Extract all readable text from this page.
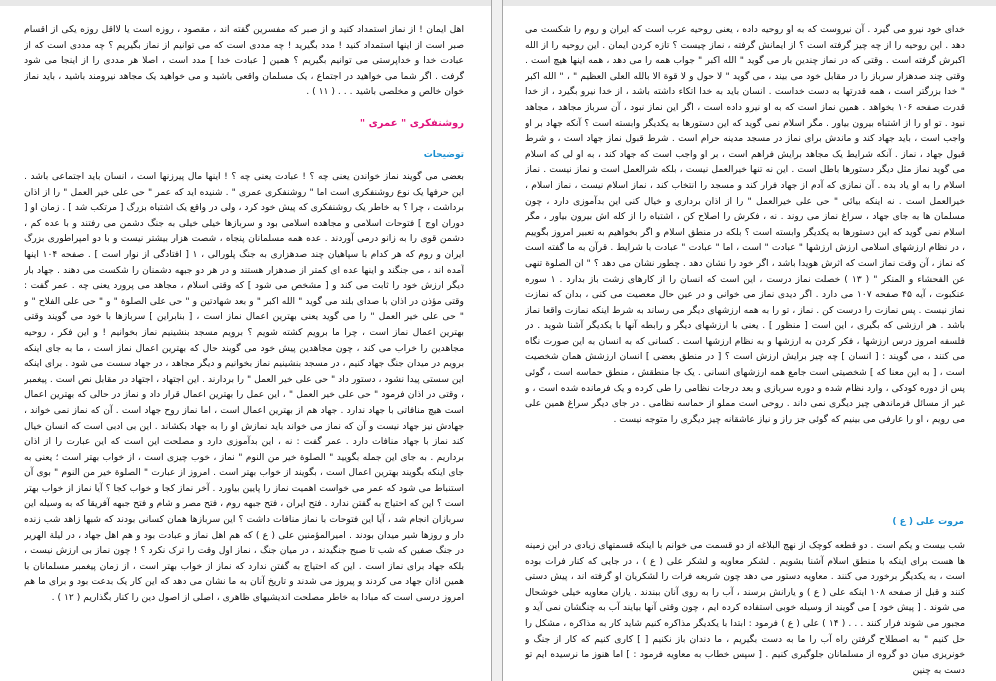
اهل ایمان ! از نماز استمداد کنید و از صبر که مفسرین گفته اند ، مقصود ، روزه است یا لااقل روزه یکی از اقسام صبر است از اینها استمداد کنید ! مدد بگیرید ! چه مددی است که می توانیم از نماز بگیریم ؟ چه مددی است که از عبادت خدا و خداپرستی می توانیم بگیریم ؟ همین [ عبادت خدا ] مدد است ، اصلا هر مددی را از اینجا می شود گرفت . اگر شما می خواهید در اجتماع ، یک مسلمان واقعی باشید و می خواهید یک مجاهد نیرومند باشید ، باید نماز خوان خالص و مخلصی باشید . . . ( ۱۱ ) .
روشنفکری " عمری "
توضیحات
بعضی می گویند نماز خواندن یعنی چه ؟ ! عبادت یعنی چه ؟ ! اینها مال پیرزنها است ، انسان باید اجتماعی باشد . این حرفها یک نوع روشنفکری است اما " روشنفکری عمری " . شنیده اید که عمر " حی علی خیر العمل " را از اذان برداشت ، چرا ؟ به خاطر یک روشنفکری که پیش خود کرد ، ولی در واقع یک اشتباه بزرگ [ مرتکب شد ] . زمان او [ دوران اوج ] فتوحات اسلامی و مجاهده اسلامی بود و سربازها خیلی خیلی به جنگ دشمن می رفتند و با عده کم ، دشمن قوی را به زانو درمی آوردند . عده همه مسلمانان پنجاه ، شصت هزار بیشتر نیست و با دو امپراطوری بزرگ ایران و روم که هر کدام با سپاهیان چند صدهزاری به جنگ پلورالی ، ۱ [ افتادگی از نوار است ] . صفحه ۱۰۴ اینها آمده اند ، می جنگند و اینها عده ای کمتر از صدهزار هستند و در هر دو جبهه دشمنان را شکست می دهند . جهاد بار دیگر ارزش خود را ثابت می کند و [ مشخص می شود ] که وقتی اسلام ، مجاهد می پرورد یعنی چه . عمر گفت : وقتی مؤذن در اذان با صدای بلند می گوید " الله اکبر " و بعد شهادتین و " حی علی الصلوة " و " حی علی الفلاح " و " حی علی خیر العمل " را می گوید یعنی بهترین اعمال نماز است ، [ بنابراین ] سربازها با خود می گویند وقتی بهترین اعمال نماز است ، چرا ما برویم کشته شویم ؟ برویم مسجد بنشینیم نماز بخوانیم ! و این فکر ، روحیه مجاهدین را خراب می کند ، چون مجاهدین پیش خود می گویند حال که بهترین اعمال نماز است ، ما به جای اینکه برویم در میدان جنگ جهاد کنیم ، در مسجد بنشینیم نماز بخوانیم و دیگر مجاهد ، در جهاد سست می شود . برای اینکه این سستی پیدا نشود ، دستور داد " حی علی خیر العمل " را بردارند . این اجتهاد ، اجتهاد در مقابل نص است . پیغمبر ، وقتی در اذان فرمود " حی علی خیر العمل " ، این عمل را بهترین اعمال قرار داد و نماز در حالی که بهترین اعمال است هیچ منافاتی با جهاد ندارد . جهاد هم از بهترین اعمال است ، اما نماز روح جهاد است . آن که نماز نمی خواند ، جهادش نیز جهاد نیست و آن که نماز می خواند باید نمازش او را به جهاد بکشاند . این بی ادبی است که انسان خیال کند نماز با جهاد منافات دارد . عمر گفت : نه ، این بدآموزی دارد و مصلحت این است که این عبارت را از اذان برداریم . به جای این جمله بگویید " الصلوة خیر من النوم " نماز ، خوب چیزی است ، از خواب بهتر است ؛ یعنی به جای اینکه بگویند بهترین اعمال است ، بگویند از خواب بهتر است . امروز از عبارت " الصلوة خیر من النوم " بوی آن استنباط می شود که عمر می خواست اهمیت نماز را پایین بیاورد . آخر نماز کجا و خواب کجا ؟ آیا نماز از خواب بهتر است ؟ این که احتیاج به گفتن ندارد . فتح ایران ، فتح جبهه روم ، فتح مصر و شام و فتح جبهه آفریقا که به وسیله این سربازان انجام شد ، آیا این فتوحات با نماز منافات داشت ؟ این سربازها همان کسانی بودند که شبها زاهد شب زنده دار و روزها شیر میدان بودند . امیرالمؤمنین علی ( ع ) که هم اهل نماز و عبادت بود و هم اهل جهاد ، در لیلة الهریر در جنگ صفین که شب تا صبح جنگیدند ، در میان جنگ ، نماز اول وقت را ترک نکرد ؟ ! چون نماز بی ارزش نیست ، بلکه جهاد برای نماز است . این که احتیاج به گفتن ندارد که نماز از خواب بهتر است ، از زمان پیغمبر مسلمانان با همین اذان جهاد می کردند و پیروز می شدند و تاریخ آنان به ما نشان می دهد که این کار یک بدعت بود و برای ما هم امروز درسی است که مبادا به خاطر مصلحت اندیشیهای ظاهری ، اصلی از اصول دین را کنار بگذاریم ( ۱۲ ) .
خدای خود نیرو می گیرد . آن نیروست که به او روحیه داده ، یعنی روحیه عرب است که ایران و روم را شکست می دهد . این روحیه را از چه چیز گرفته است ؟ از ایمانش گرفته ، نماز چیست ؟ تازه کردن ایمان . این روحیه را از الله اکبرش گرفته است . وقتی که در نماز چندین بار می گوید " الله اکبر " جواب همه را می دهد ، همه اینها هیچ است . وقتی چند صدهزار سرباز را در مقابل خود می بیند ، می گوید " لا حول و لا قوة الا بالله العلی العظیم " ، " الله اکبر " خدا بزرگتر است ، همه قدرتها به دست خداست . انسان باید به خدا اتکاء داشته باشد ، از خدا نیرو بگیرد ، از خدا قدرت صفحه ۱۰۶ بخواهد . همین نماز است که به او نیرو داده است ، اگر این نماز نبود ، آن سرباز مجاهد ، مجاهد نبود . تو او را از اشتباه بیرون بیاور . مگر اسلام نمی گوید که این دستورها به یکدیگر وابسته است ؟ آنکه جهاد بر او واجب است ، باید جهاد کند و ماندش برای نماز در مسجد مدینه حرام است . شرط قبول نماز جهاد است ، و شرط قبول جهاد ، نماز . آنکه شرایط یک مجاهد برایش فراهم است ، بر او واجب است که جهاد کند ، به او لی که اسلام می گوید نماز مثل دیگر دستورها باطل است . این نه تنها خیرالعمل نیست ، بلکه شرالعمل است و نماز نیست . نماز اسلام را به او یاد بده . آن نمازی که آدم از جهاد فرار کند و مسجد را انتخاب کند ، نماز اسلام نیست ، نماز اسلام ، خیرالعمل است . نه اینکه بیائی " حی علی خیرالعمل " را از اذان برداری و خیال کنی این بدآموزی دارد ، چون مسلمان ها به جای جهاد ، سراغ نماز می روند . نه ، فکرش را اصلاح کن ، اشتباه را از کله اش بیرون بیاور ، مگر اسلام نمی گوید که این دستورها به یکدیگر وابسته است ؟ بلکه در منطق اسلام و اگر بخواهیم به تعبیر امروز بگوییم ، در نظام ارزشهای اسلامی ارزش ارزشها " عبادت " است ، اما " عبادت " عبادت با شرایط . قرآن به ما گفته است که نماز ، آن وقت نماز است که اثرش هویدا باشد ، اگر خود را نشان دهد . چطور نشان می دهد ؟ " ان الصلوة تنهی عن الفحشاء و المنکر " ( ۱۳ ) خصلت نماز درست ، این است که انسان را از کارهای زشت باز بدارد . ۱ سوره عنکبوت ، آیه ۴۵ صفحه ۱۰۷ می دارد . اگر دیدی نماز می خوانی و در عین حال معصیت می کنی ، بدان که نمازت نماز نیست . پس نمازت را درست کن . نماز ، تو را به همه ارزشهای دیگر می رساند به شرط اینکه نمازت واقعا نماز باشد . هر ارزشی که بگیری ، این است [ منظور ] . یعنی با ارزشهای دیگر و رابطه آنها با یکدیگر آشنا شوید . در فلسفه امروز درس ارزشها ، فکر کردن به ارزشها و به نظام ارزشها است . کسانی که به انسان به این صورت نگاه می کنند ، می گویند : [ انسان ] چه چیز برایش ارزش است ؟ [ در منطق بعضی ] انسان ارزشش همان شخصیت است ، [ به این معنا که ] شخصیتی است جامع همه ارزشهای انسانی . یک جا منطقش ، منطق حماسه است ، گوئی پس از دوره کودکی ، وارد نظام شده و دوره سربازی و بعد درجات نظامی را طی کرده و یک فرمانده شده است ، و غیر از مسائل فرماندهی چیز دیگری نمی داند . روحی است مملو از حماسه نظامی . در جای دیگر سراغ همین علی می رویم ، او را عارفی می بینیم که گوئی جز راز و نیاز عاشقانه چیز دیگری را متوجه نیست .
مروت علی ( ع )
شب بیست و یکم است . دو قطعه کوچک از نهج البلاغه از دو قسمت می خوانم با اینکه قسمتهای زیادی در این زمینه ها هست برای اینکه با منطق اسلام آشنا بشویم . لشکر معاویه و لشکر علی ( ع ) ، در جایی که کنار فرات بوده است ، به یکدیگر برخورد می کنند . معاویه دستور می دهد چون شریعه فرات را لشکریان او گرفته اند ، پیش دستی کنند و قبل از صفحه ۱۰۸ اینکه علی ( ع ) و یارانش برسند ، آب را به روی آنان ببندند . یاران معاویه خیلی خوشحال می شوند . [ پیش خود ] می گویند از وسیله خوبی استفاده کرده ایم ، چون وقتی آنها بیایند آب به چنگشان نمی آید و مجبور می شوند فرار کنند . . . ( ۱۴ ) علی ( ع ) فرمود : ابتدا با یکدیگر مذاکره کنیم شاید کار به مذاکره ، مشکل را حل کنیم " به اصطلاح گرفتن راه آب را ما به دست بگیریم ، ما دندان باز نکنیم [ ] کاری کنیم که کار از جنگ و خونریزی میان دو گروه از مسلمانان جلوگیری کنیم . [ سپس خطاب به معاویه فرمود : ] اما هنوز ما نرسیده ایم تو دست به چنین
